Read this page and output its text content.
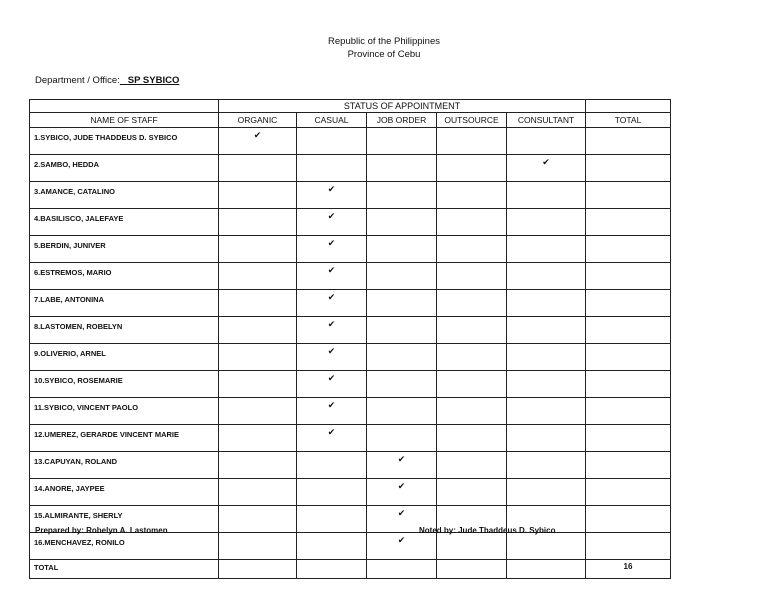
Republic of the Philippines
Province of Cebu
Department / Office: SP SYBICO
	STATUS OF APPOINTMENT					
NAME OF STAFF	ORGANIC	CASUAL	JOB ORDER	OUTSOURCE	CONSULTANT	TOTAL
1.SYBICO, JUDE THADDEUS D. SYBICO	✔					
2.SAMBO, HEDDA					✔	
3.AMANCE, CATALINO		✔				
4.BASILISCO, JALEFAYE		✔				
5.BERDIN, JUNIVER		✔				
6.ESTREMOS, MARIO		✔				
7.LABE, ANTONINA		✔				
8.LASTOMEN, ROBELYN		✔				
9.OLIVERIO, ARNEL		✔				
10.SYBICO, ROSEMARIE		✔				
11.SYBICO, VINCENT PAOLO		✔				
12.UMEREZ, GERARDE VINCENT MARIE		✔				
13.CAPUYAN, ROLAND			✔			
14.ANORE, JAYPEE			✔			
15.ALMIRANTE, SHERLY			✔			
16.MENCHAVEZ, RONILO			✔			
TOTAL						16
Prepared by: Robelyn A. Lastomen	Noted by: Jude Thaddeus D. Sybico
